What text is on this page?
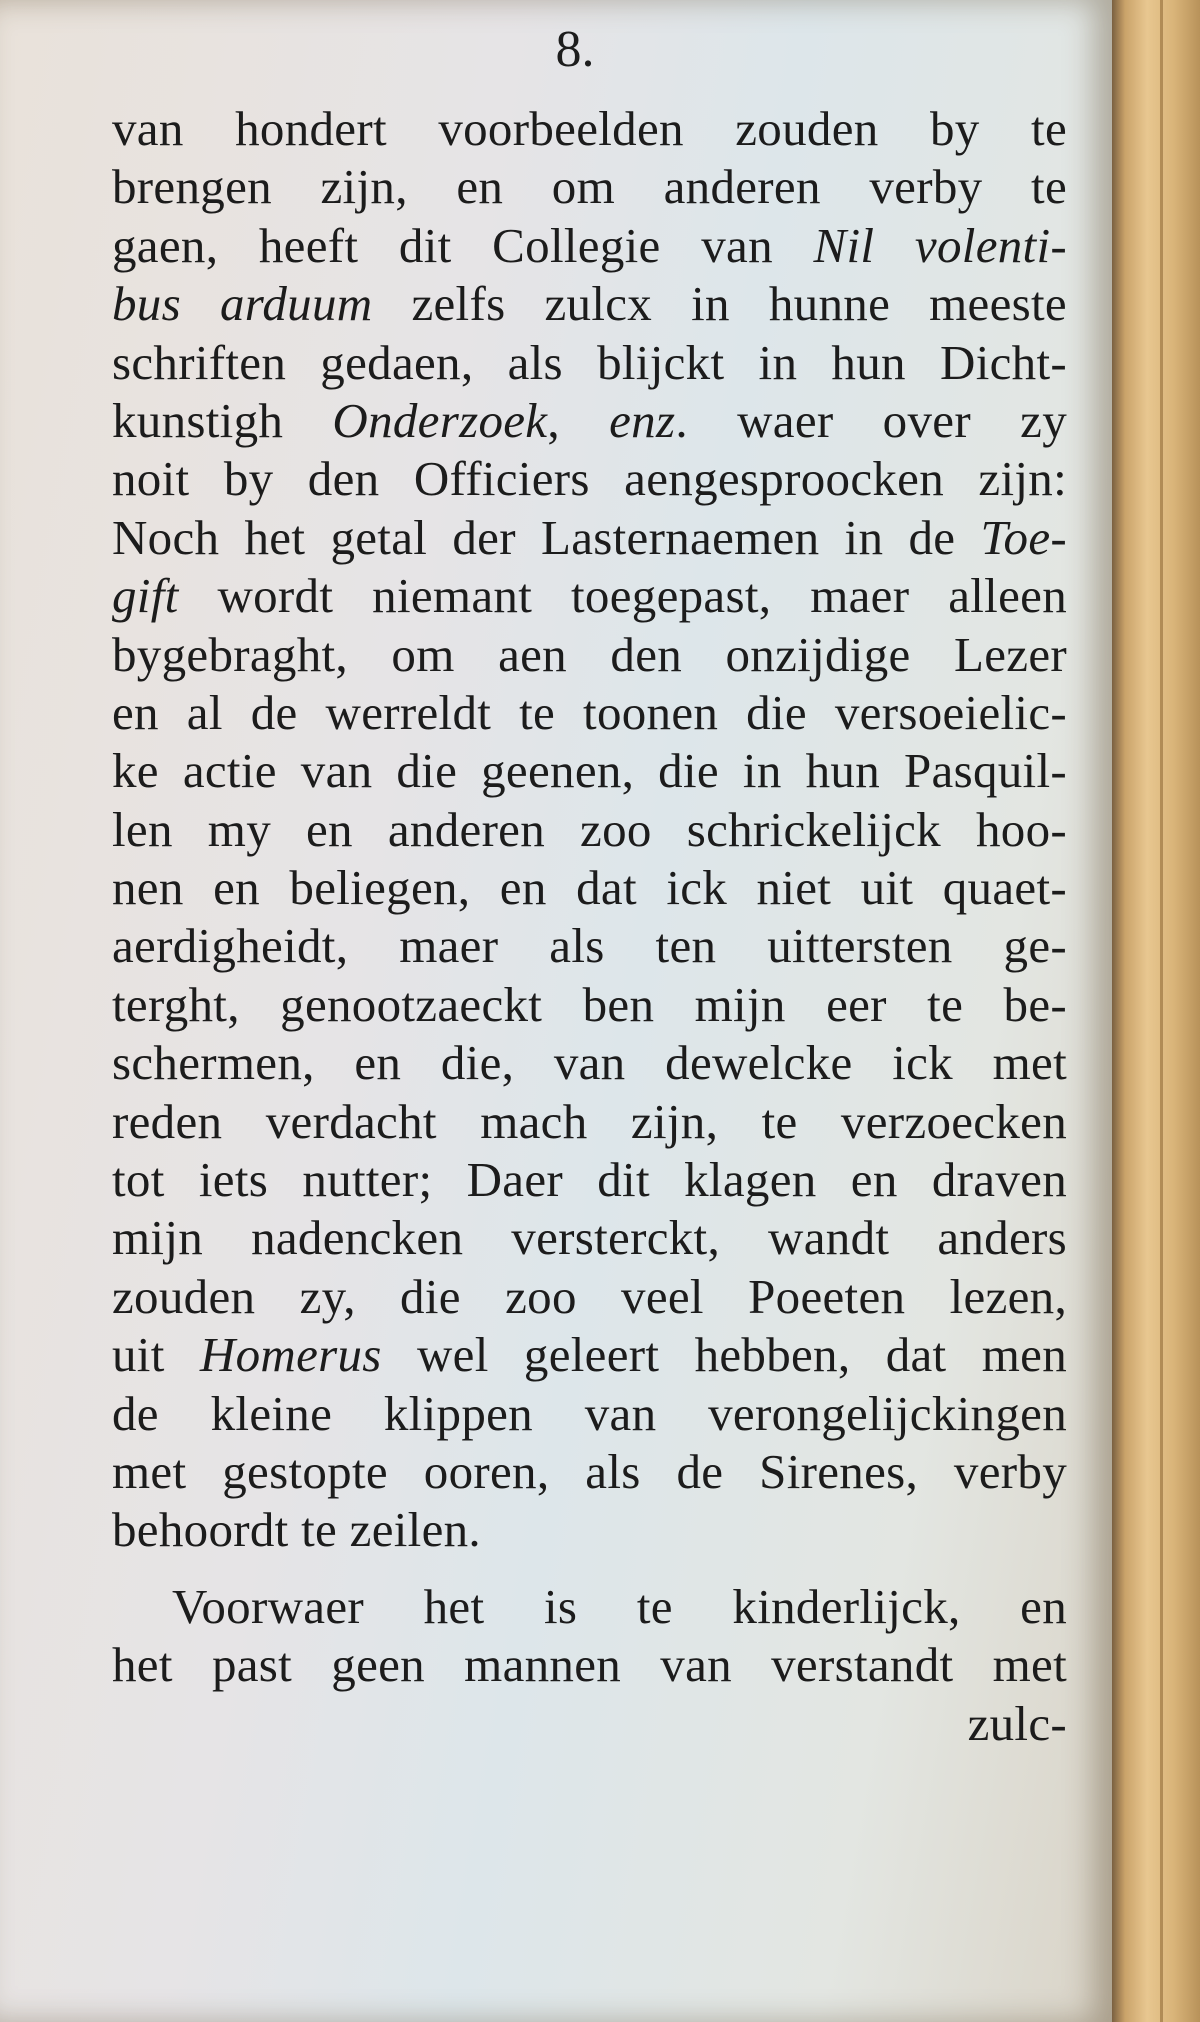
8.
van hondert voorbeelden zouden by te
brengen zijn, en om anderen verby te
gaen, heeft dit Collegie van Nil volenti-
bus arduum zelfs zulcx in hunne meeste
schriften gedaen, als blijckt in hun Dicht-
kunstigh Onderzoek, enz. waer over zy
noit by den Officiers aengesproocken zijn:
Noch het getal der Lasternaemen in de Toe-
gift wordt niemant toegepast, maer alleen
bygebraght, om aen den onzijdige Lezer
en al de werreldt te toonen die versoeielic-
ke actie van die geenen, die in hun Pasquil-
len my en anderen zoo schrickelijck hoo-
nen en beliegen, en dat ick niet uit quaet-
aerdigheidt, maer als ten uittersten ge-
terght, genootzaeckt ben mijn eer te be-
schermen, en die, van dewelcke ick met
reden verdacht mach zijn, te verzoecken
tot iets nutter; Daer dit klagen en draven
mijn nadencken versterckt, wandt anders
zouden zy, die zoo veel Poeeten lezen,
uit Homerus wel geleert hebben, dat men
de kleine klippen van verongelijckingen
met gestopte ooren, als de Sirenes, verby
behoordt te zeilen.
Voorwaer het is te kinderlijck, en
het past geen mannen van verstandt met
zulc-
